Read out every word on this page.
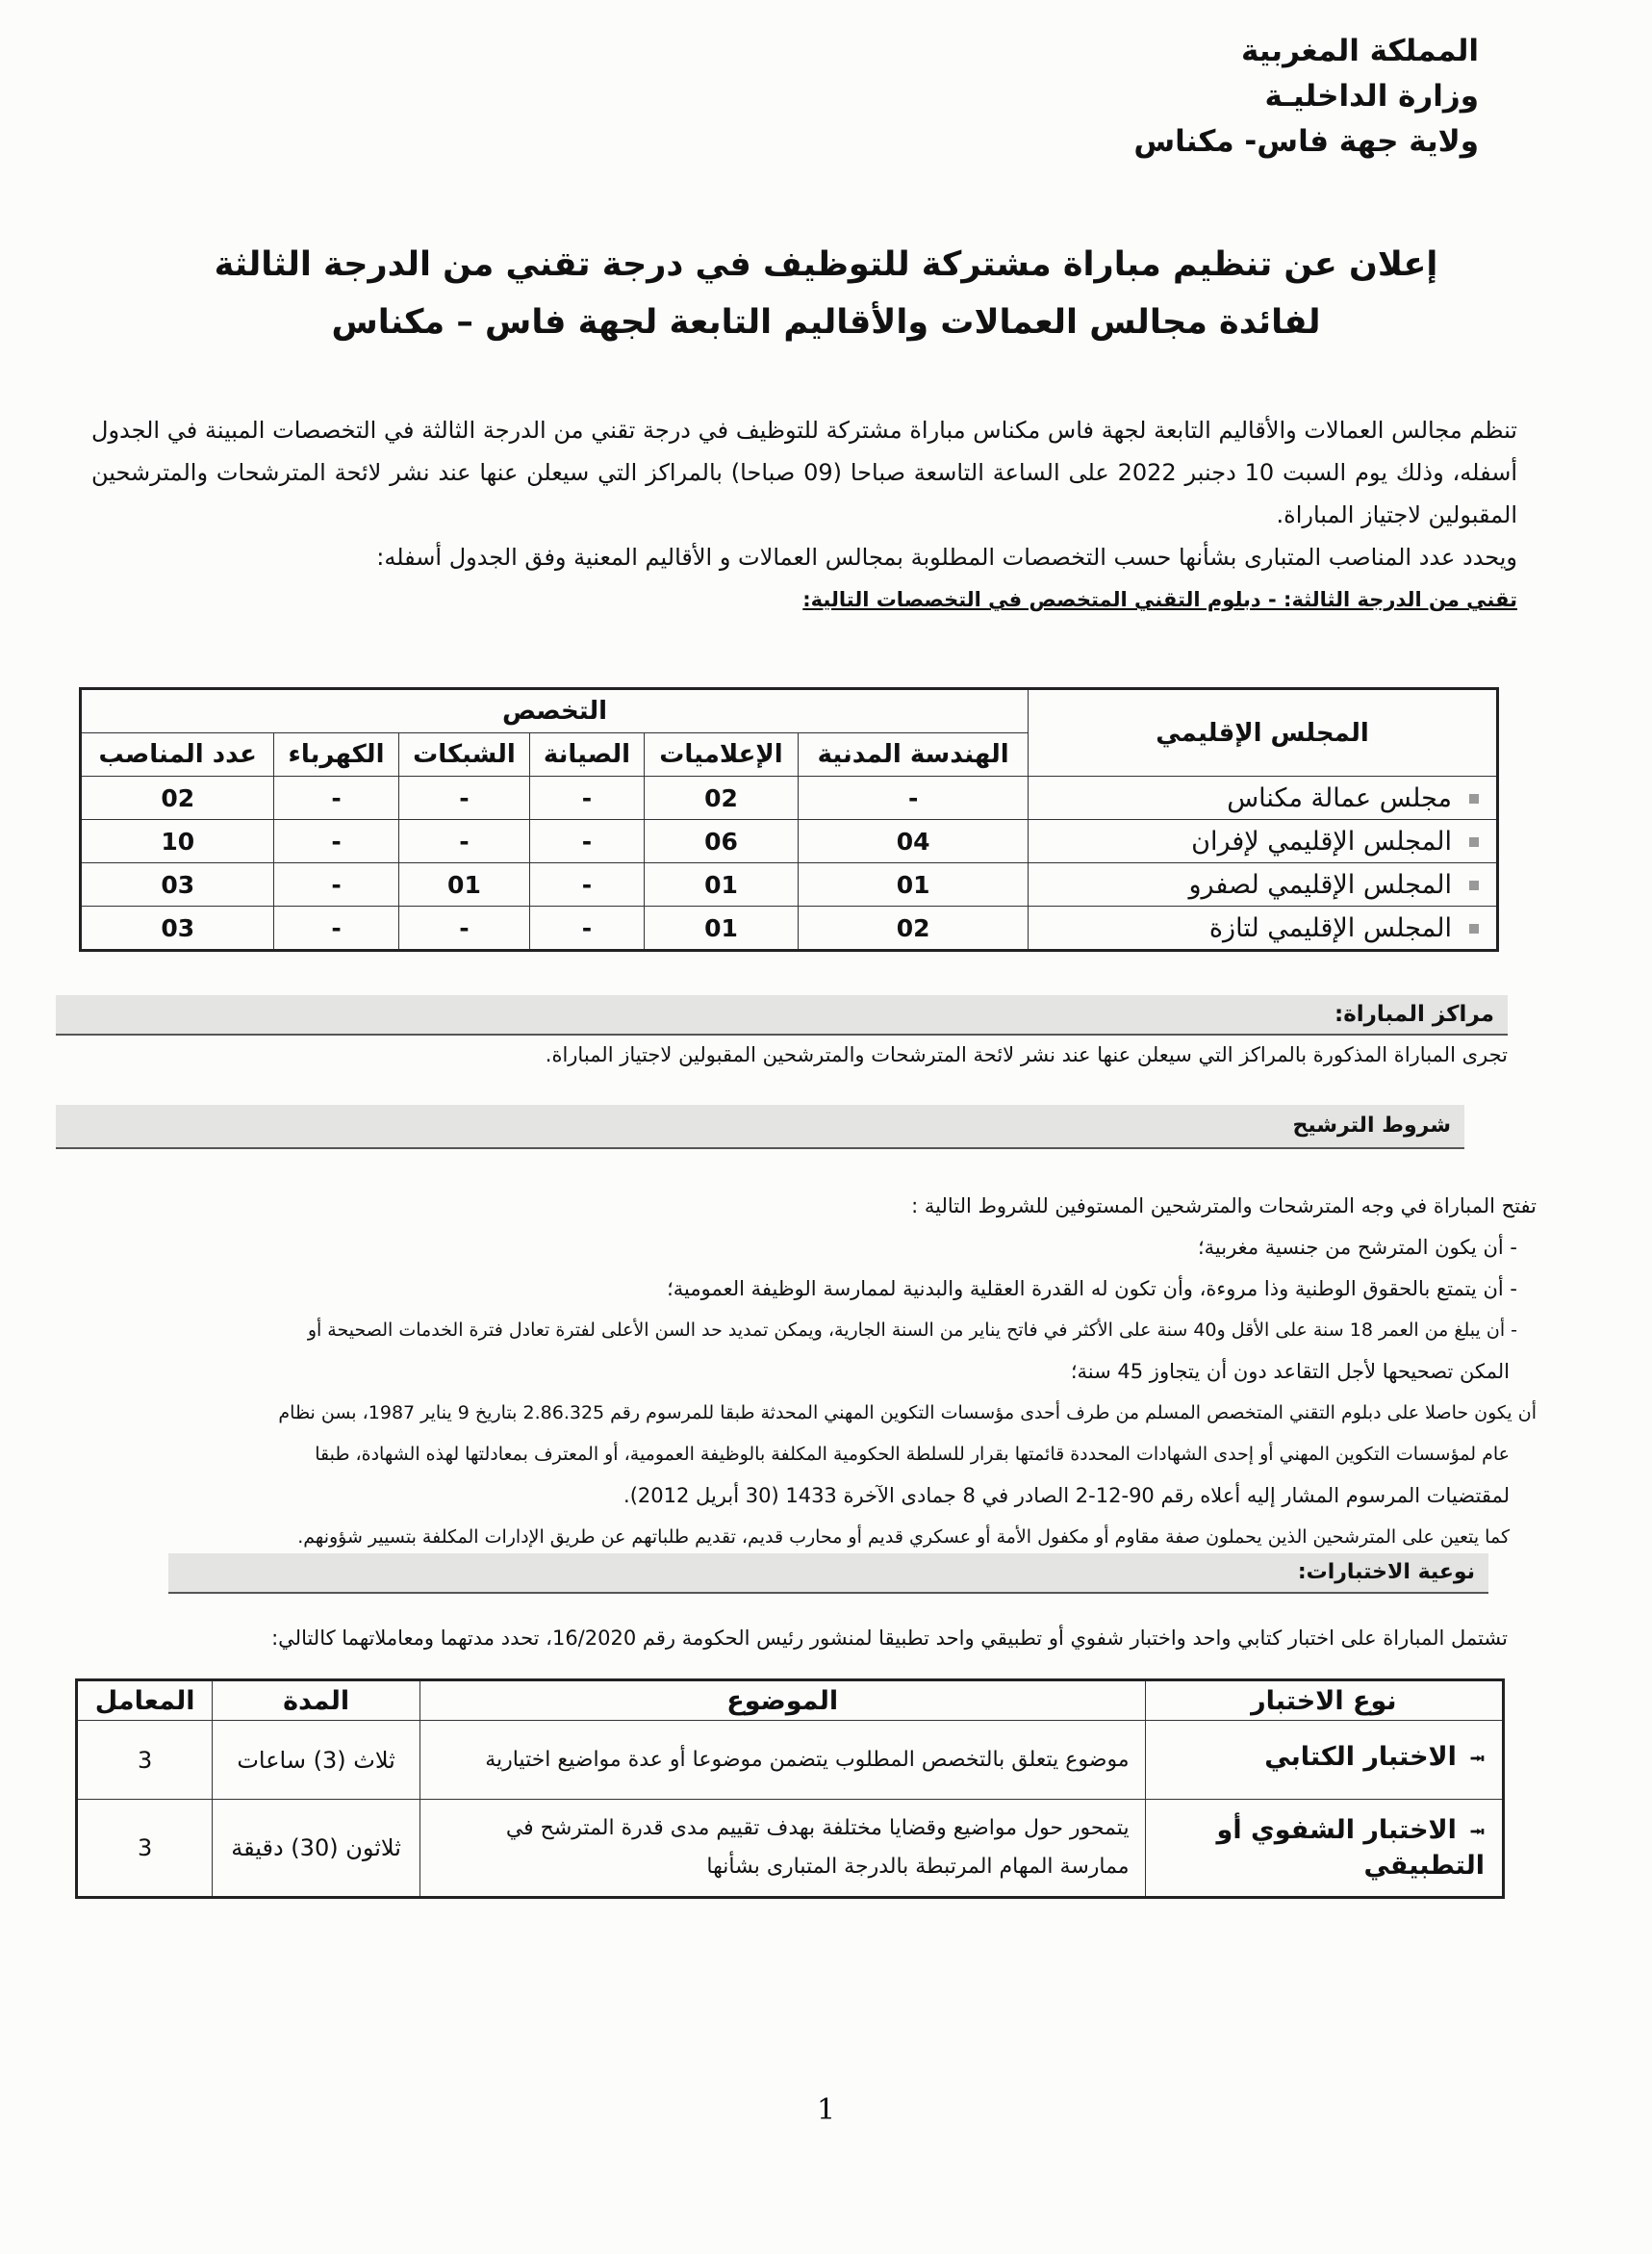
المملكة المغربية
وزارة الداخليـة
ولاية جهة فاس- مكناس
إعلان عن تنظيم مباراة مشتركة للتوظيف في درجة تقني من الدرجة الثالثة
لفائدة مجالس العمالات والأقاليم التابعة لجهة فاس – مكناس

تنظم مجالس العمالات والأقاليم التابعة لجهة فاس مكناس مباراة مشتركة للتوظيف في درجة تقني من الدرجة الثالثة في التخصصات المبينة في الجدول أسفله، وذلك يوم السبت 10 دجنبر 2022 على الساعة التاسعة صباحا (09 صباحا) بالمراكز التي سيعلن عنها عند نشر لائحة المترشحات والمترشحين المقبولين لاجتياز المباراة.

ويحدد عدد المناصب المتبارى بشأنها حسب التخصصات المطلوبة بمجالس العمالات و الأقاليم المعنية وفق الجدول أسفله:

تقني من الدرجة الثالثة: - دبلوم التقني المتخصص في التخصصات التالية:

المجلس الإقليمي	التخصص					
	الهندسة المدنية	الإعلاميات	الصيانة	الشبكات	الكهرباء	عدد المناصب
مجلس عمالة مكناس	-	02	-	-	-	02
المجلس الإقليمي لإفران	04	06	-	-	-	10
المجلس الإقليمي لصفرو	01	01	-	01	-	03
المجلس الإقليمي لتازة	02	01	-	-	-	03
مراكز المباراة:
تجرى المباراة المذكورة بالمراكز التي سيعلن عنها عند نشر لائحة المترشحات والمترشحين المقبولين لاجتياز المباراة.
شروط الترشيح

تفتح المباراة في وجه المترشحات والمترشحين المستوفين للشروط التالية :

- أن يكون المترشح من جنسية مغربية؛

- أن يتمتع بالحقوق الوطنية وذا مروءة، وأن تكون له القدرة العقلية والبدنية لممارسة الوظيفة العمومية؛

- أن يبلغ من العمر 18 سنة على الأقل و40 سنة على الأكثر في فاتح يناير من السنة الجارية، ويمكن تمديد حد السن الأعلى لفترة تعادل فترة الخدمات الصحيحة أو

المكن تصحيحها لأجل التقاعد دون أن يتجاوز 45 سنة؛

أن يكون حاصلا على دبلوم التقني المتخصص المسلم من طرف أحدى مؤسسات التكوين المهني المحدثة طبقا للمرسوم رقم 2.86.325 بتاريخ 9 يناير 1987، بسن نظام

عام لمؤسسات التكوين المهني أو إحدى الشهادات المحددة قائمتها بقرار للسلطة الحكومية المكلفة بالوظيفة العمومية، أو المعترف بمعادلتها لهذه الشهادة، طبقا

لمقتضيات المرسوم المشار إليه أعلاه رقم 90-12-2 الصادر في 8 جمادى الآخرة 1433 (30 أبريل 2012).

كما يتعين على المترشحين الذين يحملون صفة مقاوم أو مكفول الأمة أو عسكري قديم أو محارب قديم، تقديم طلباتهم عن طريق الإدارات المكلفة بتسيير شؤونهم.

نوعية الاختبارات:
تشتمل المباراة على اختبار كتابي واحد واختبار شفوي أو تطبيقي واحد تطبيقا لمنشور رئيس الحكومة رقم 16/2020، تحدد مدتهما ومعاملاتهما كالتالي:
نوع الاختبار	الموضوع	المدة	المعامل
⭲الاختبار الكتابي	موضوع يتعلق بالتخصص المطلوب يتضمن موضوعا أو عدة مواضيع اختيارية	ثلاث (3) ساعات	3
⭲الاختبار الشفوي أو التطبيقي	يتمحور حول مواضيع وقضايا مختلفة بهدف تقييم مدى قدرة المترشح في ممارسة المهام المرتبطة بالدرجة المتبارى بشأنها	ثلاثون (30) دقيقة	3
1
